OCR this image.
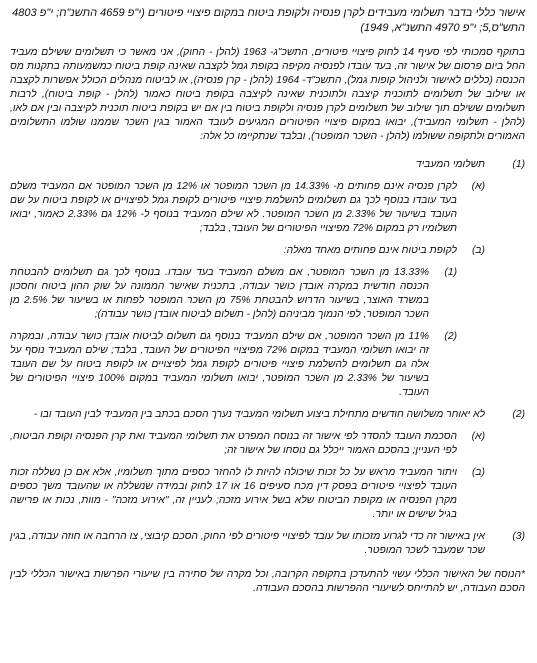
אישור כללי בדבר תשלומי מעבידים לקרן פנסיה ולקופת ביטוח במקום פיצויי פיטורים (י"פ 4659 התשנ"ח; י"פ 4803 התש"ס,5; י"פ 4970 התשנ"א, 1949)
בתוקף סמכותי לפי סעיף 14 לחוק פיצויי פיטורים, התשכ"ג- 1963 (להלן - החוק), אני מאשר כי תשלומים ששילם מעביד החל ביום פרסום של אישור זה, בעד עובדו לפנסיה מקיפה בקופת גמל לקצבה שאינה קופת ביטוח כמשמעותה בתקנות מס הכנסה (כללים לאישור ולניהול קופות גמל), התשכ"ד- 1964 (להלן - קרן פנסיה), או לביטוח מנהלים הכולל אפשרות לקצבה או שילוב של תשלומים לתוכנית קיצבה ולתוכנית שאינה לקיצבה בקופת ביטוח כאמור (להלן - קופת ביטוח), לרבות תשלומים ששילם תוך שילוב של תשלומים לקרן פנסיה ולקופת ביטוח בין אם יש בקופת ביטוח תוכנית לקיצבה ובין אם לאו, (להלן - תשלומי המעביד), יבואו במקום פיצויי הפיטורים המגיעים לעובד האמור בגין השכר שממנו שולמו התשלומים האמורים ולתקופה ששולמו (להלן - השכר המופטר), ובלבד שנתקיימו כל אלה:
(1)
תשלומי המעביד
(א)
לקרן פנסיה אינם פחותים מ- 14.33% מן השכר המופטר או 12% מן השכר המופטר אם המעביד משלם בעד עובדו בנוסף לכך גם תשלומים להשלמת פיצויי פיטורים לקופת גמל לפיצויים או לקופת ביטוח על שם העובד בשיעור של 2.33% מן השכר המופטר. לא שילם המעביד בנוסף ל- 12% גם 2.33% כאמור, יבואו תשלומיו רק במקום 72% מפיצויי הפיטורים של העובד, בלבד;
(ב)
לקופת ביטוח אינם פחותים מאחד מאלה:
(1)
13.33% מן השכר המופטר, אם משלם המעביד בעד עובדו. בנוסף לכך גם תשלומים להבטחת הכנסה חודשית במקרה אובדן כושר עבודה, בתכנית שאישר הממונה על שוק ההון ביטוח וחסכון במשרד האוצר, בשיעור הדרוש להבטחת 75% מן השכר המופטר לפחות או בשיעור של 2.5% מן השכר המופטר, לפי הנמוך מביניהם (להלן - תשלום לביטוח אובדן כושר עבודה);
(2)
11% מן השכר המופטר, אם שילם המעביד בנוסף גם תשלום לביטוח אובדן כושר עבודה, ובמקרה זה יבואו תשלומי המעביד במקום 72% מפיצויי הפיטורים של העובד, בלבד; שילם המעביד נוסף על אלה גם תשלומים להשלמת פיצויי פיטורים לקופת גמל לפיצויים או לקופת ביטוח על שם העובד בשיעור של 2.33% מן השכר המופטר, יבואו תשלומי המעביד במקום 100% פיצויי הפיטורים של העובד.
(2)
לא יאוחר משלושה חודשים מתחילת ביצוע תשלומי המעביד נערך הסכם בכתב בין המעביד לבין העובד ובו -
(א)
הסכמת העובד להסדר לפי אישור זה בנוסח המפרט את תשלומי המעביד ואת קרן הפנסיה וקופת הביטוח, לפי העניין; בהסכם האמור ייכלל גם נוסחו של אישור זה;
(ב)
ויתור המעביד מראש על כל זכות שיכולה להיות לו להחזר כספים מתוך תשלומיו, אלא אם כן נשללה זכות העובד לפיצויי פיטורים בפסק דין מכח סעיפים 16 או 17 לחוק ובמידה שנשללה או שהעובד משך כספים מקרן הפנסיה או מקופת הביטוח שלא בשל אירוע מזכה; לעניין זה, "אירוע מזכה" - מוות, נכות או פרישה בגיל שישים או יותר.
(3)
אין באישור זה כדי לגרוע מזכותו של עובד לפיצויי פיטורים לפי החוק, הסכם קיבוצי, צו הרחבה או חוזה עבודה, בגין שכר שמעבר לשכר המופטר.
*הנוסח של האישור הכללי עשוי להתעדכן בתקופה הקרובה, וכל מקרה של סתירה בין שיעורי הפרשות באישור הכללי לבין הסכם העבודה, יש להתייחס לשיעורי ההפרשות בהסכם העבודה.
